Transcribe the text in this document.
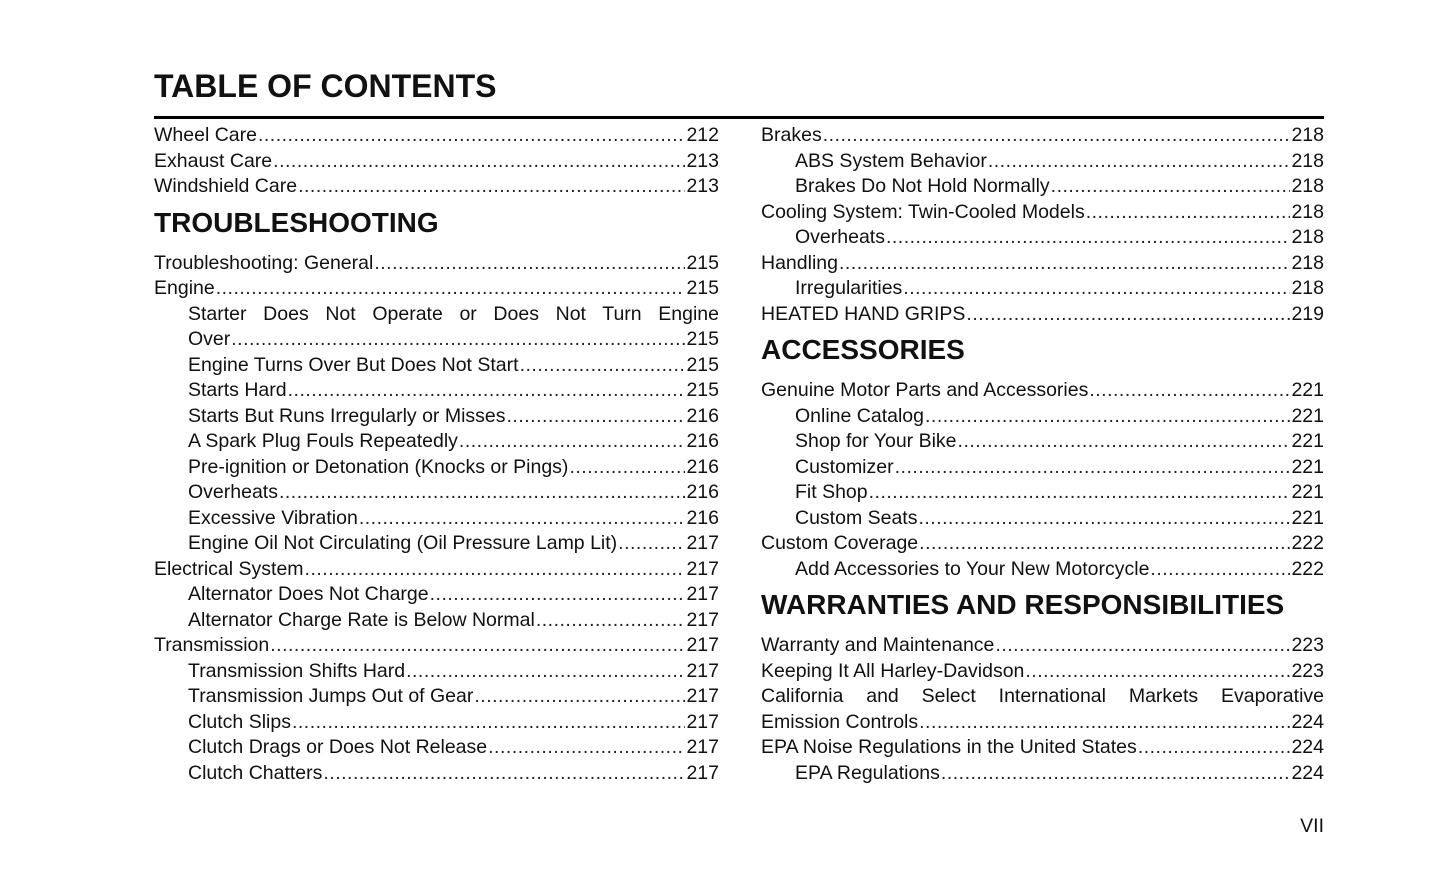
TABLE OF CONTENTS
Wheel Care .....	212
Exhaust Care .....	213
Windshield Care .....	213
TROUBLESHOOTING
Troubleshooting: General .....	215
Engine .....	215
Starter Does Not Operate or Does Not Turn Engine
Over .....	215
Engine Turns Over But Does Not Start .....	215
Starts Hard .....	215
Starts But Runs Irregularly or Misses .....	216
A Spark Plug Fouls Repeatedly .....	216
Pre-ignition or Detonation (Knocks or Pings) .....	216
Overheats .....	216
Excessive Vibration .....	216
Engine Oil Not Circulating (Oil Pressure Lamp Lit) .....	217
Electrical System .....	217
Alternator Does Not Charge .....	217
Alternator Charge Rate is Below Normal .....	217
Transmission .....	217
Transmission Shifts Hard .....	217
Transmission Jumps Out of Gear .....	217
Clutch Slips .....	217
Clutch Drags or Does Not Release .....	217
Clutch Chatters .....	217
Brakes .....	218
ABS System Behavior .....	218
Brakes Do Not Hold Normally .....	218
Cooling System: Twin-Cooled Models .....	218
Overheats .....	218
Handling .....	218
Irregularities .....	218
HEATED HAND GRIPS .....	219
ACCESSORIES
Genuine Motor Parts and Accessories .....	221
Online Catalog .....	221
Shop for Your Bike .....	221
Customizer .....	221
Fit Shop .....	221
Custom Seats .....	221
Custom Coverage .....	222
Add Accessories to Your New Motorcycle .....	222
WARRANTIES AND RESPONSIBILITIES
Warranty and Maintenance .....	223
Keeping It All Harley-Davidson .....	223
California and Select International Markets Evaporative
Emission Controls .....	224
EPA Noise Regulations in the United States .....	224
EPA Regulations .....	224
VII
